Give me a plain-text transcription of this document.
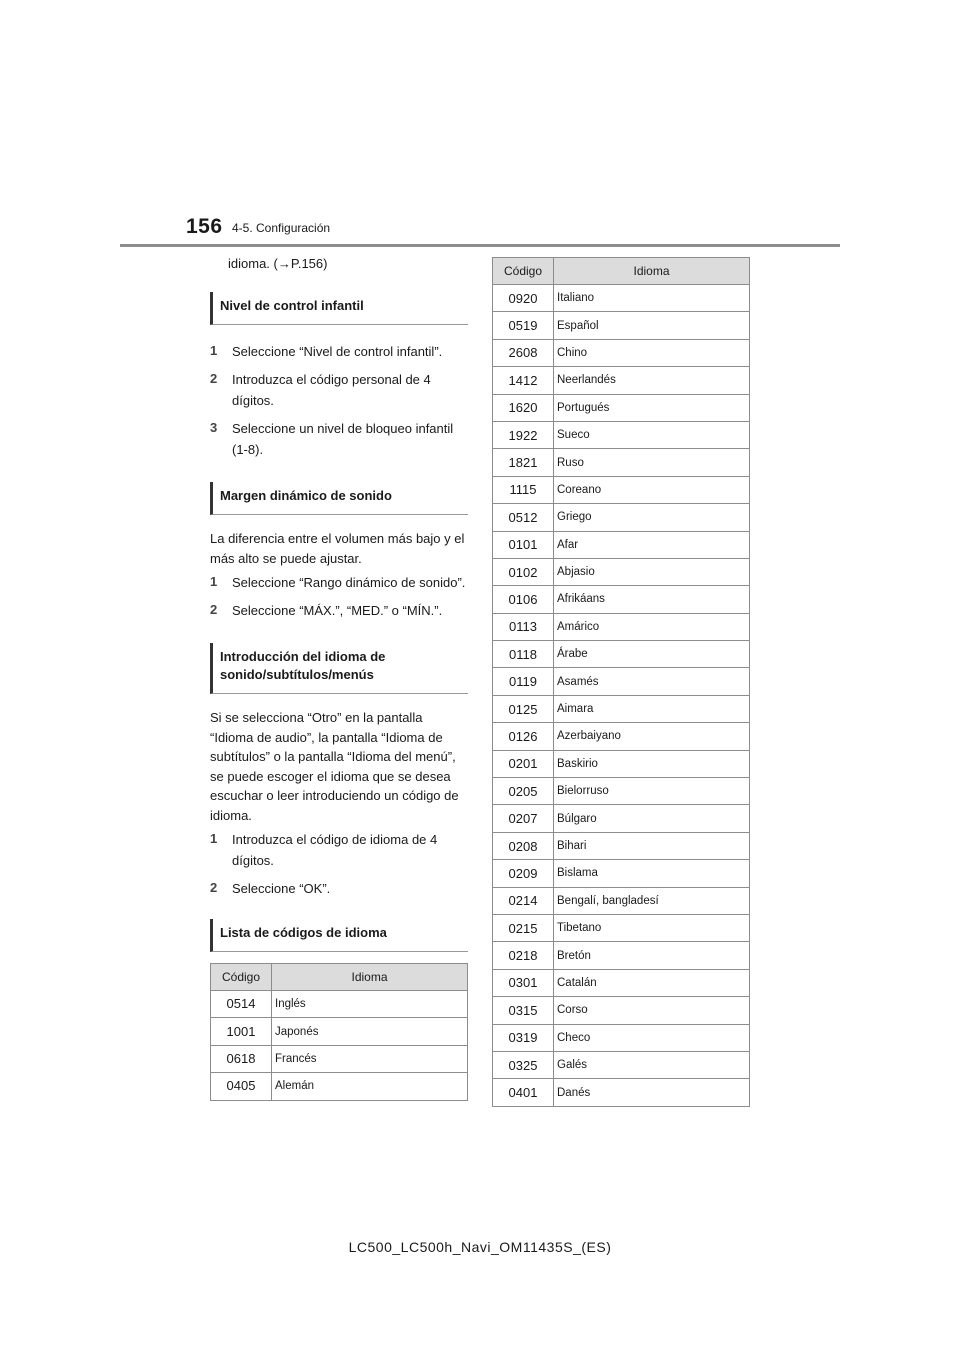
156 4-5. Configuración

idioma. (→P.156)

Nivel de control infantil
1	Seleccione “Nivel de control infantil”.
2	Introduzca el código personal de 4 dígitos.
3	Seleccione un nivel de bloqueo infantil (1-8).
Margen dinámico de sonido

La diferencia entre el volumen más bajo y el más alto se puede ajustar.

1	Seleccione “Rango dinámico de sonido”.
2	Seleccione “MÁX.”, “MED.” o “MÍN.”.
Introducción del idioma de sonido/subtítulos/menús

Si se selecciona “Otro” en la pantalla “Idioma de audio”, la pantalla “Idioma de subtítulos” o la pantalla “Idioma del menú”, se puede escoger el idioma que se desea escuchar o leer introduciendo un código de idioma.

1	Introduzca el código de idioma de 4 dígitos.
2	Seleccione “OK”.
Lista de códigos de idioma
Código	Idioma
0514	Inglés
1001	Japonés
0618	Francés
0405	Alemán
Código	Idioma
0920	Italiano
0519	Español
2608	Chino
1412	Neerlandés
1620	Portugués
1922	Sueco
1821	Ruso
1115	Coreano
0512	Griego
0101	Afar
0102	Abjasio
0106	Afrikáans
0113	Amárico
0118	Árabe
0119	Asamés
0125	Aimara
0126	Azerbaiyano
0201	Baskirio
0205	Bielorruso
0207	Búlgaro
0208	Bihari
0209	Bislama
0214	Bengalí, bangladesí
0215	Tibetano
0218	Bretón
0301	Catalán
0315	Corso
0319	Checo
0325	Galés
0401	Danés
LC500_LC500h_Navi_OM11435S_(ES)
